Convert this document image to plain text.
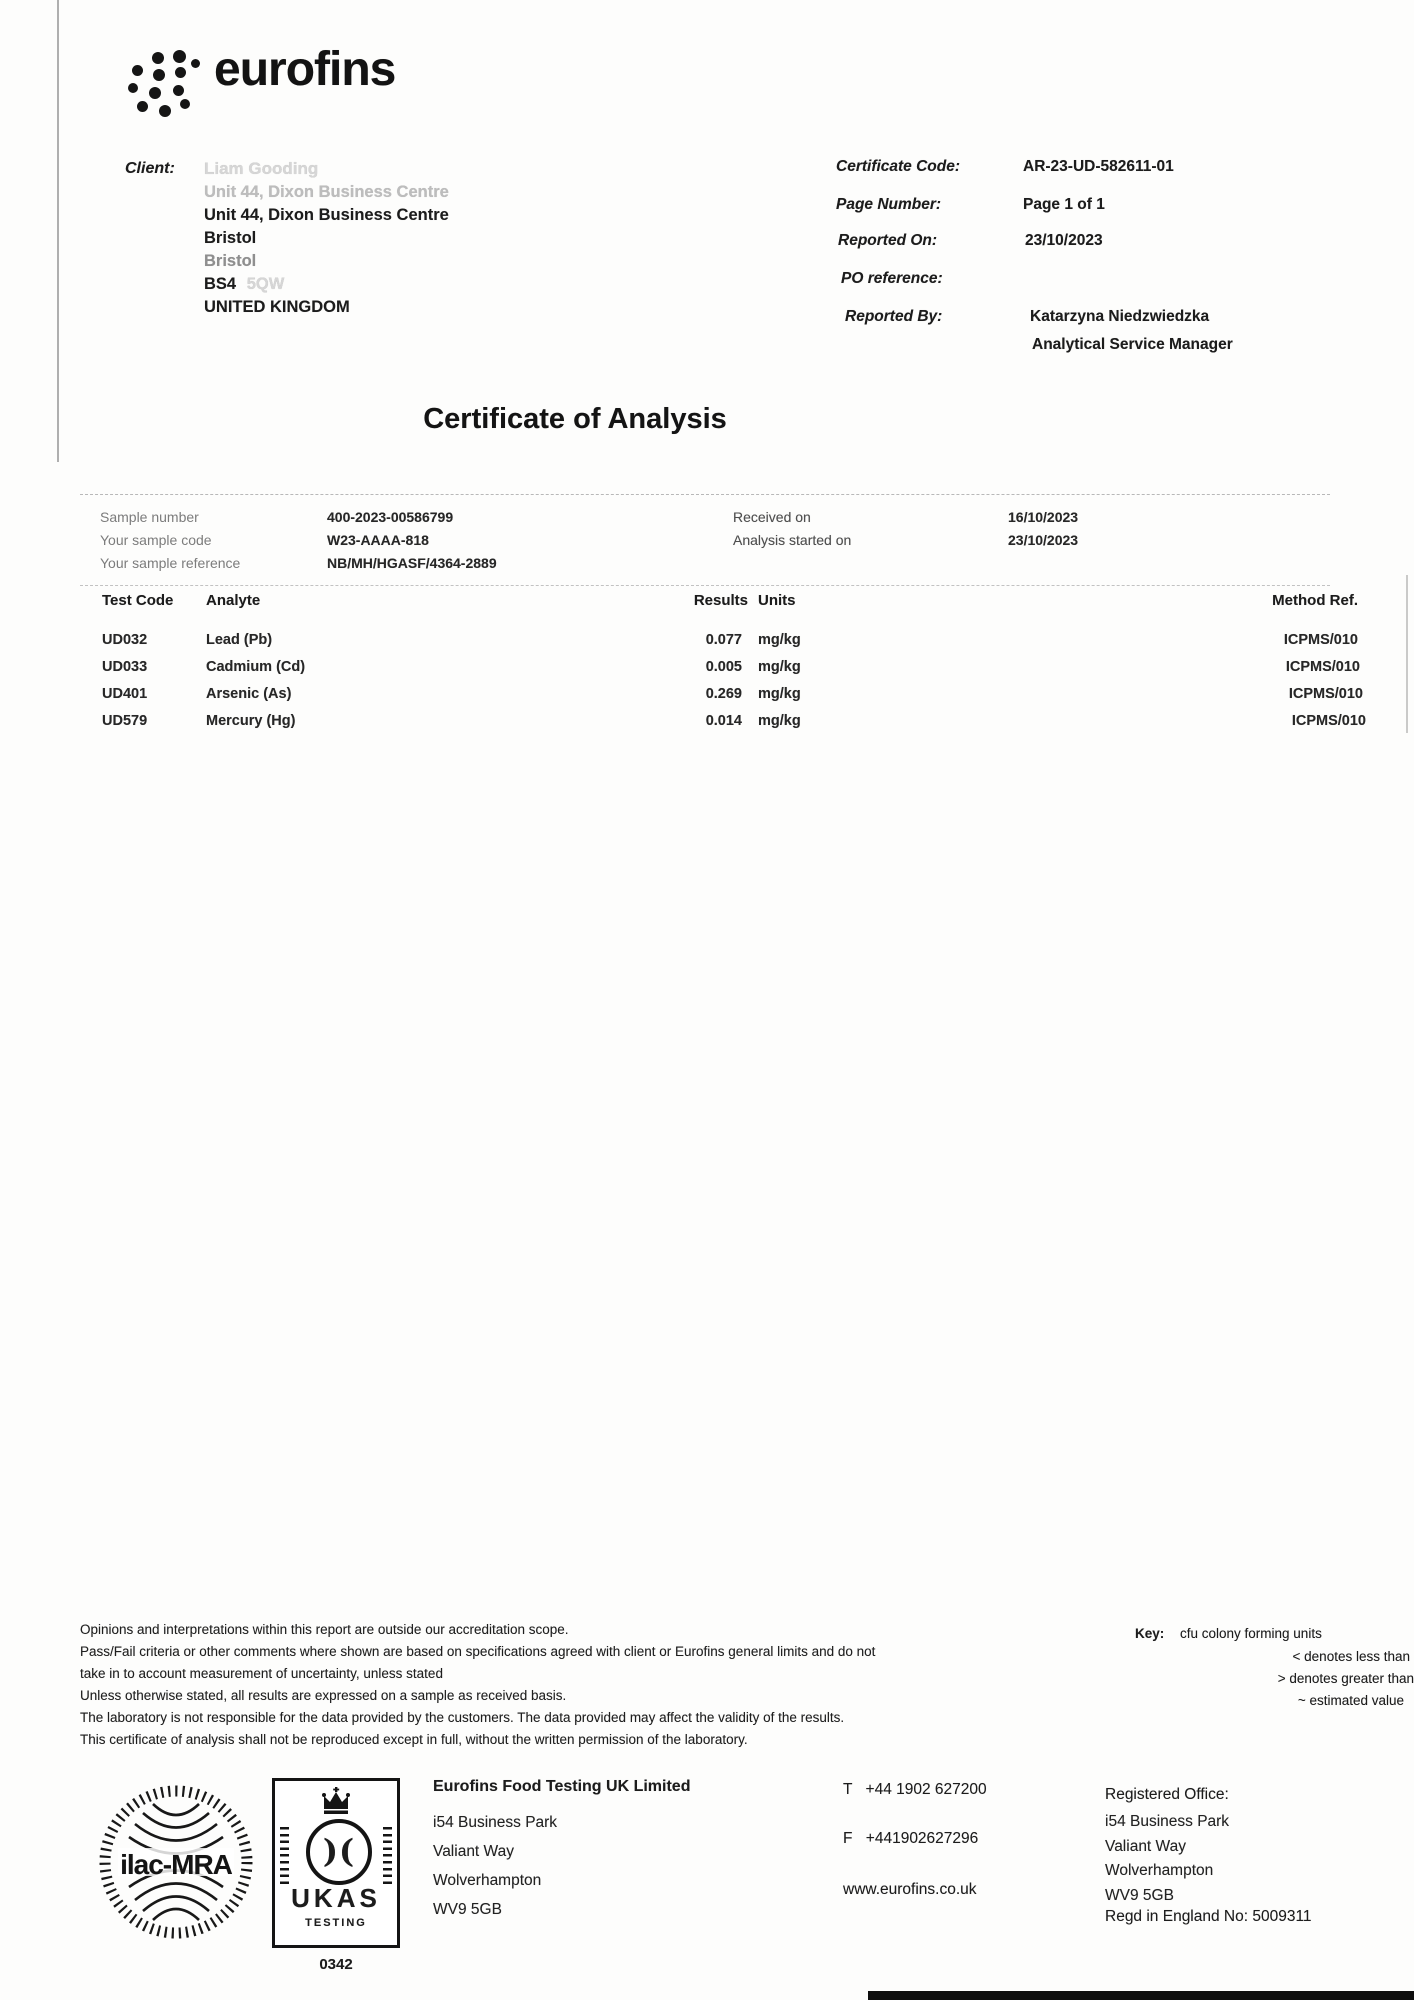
eurofins
Client: Liam Gooding
Unit 44, Dixon Business Centre
Unit 44, Dixon Business Centre
Bristol
Bristol
BS4 5QW
UNITED KINGDOM
Certificate Code:	AR-23-UD-582611-01
Page Number:	Page 1 of 1
Reported On:	23/10/2023
PO reference:
Reported By:	Katarzyna Niedzwiedzka
Analytical Service Manager
Certificate of Analysis
Sample number	400-2023-00586799
Your sample code	W23-AAAA-818
Your sample reference	NB/MH/HGASF/4364-2889
Received on	16/10/2023
Analysis started on	23/10/2023
Test Code Analyte	Results Units	Method Ref.
UD032	Lead (Pb)	0.077 mg/kg	ICPMS/010
UD033	Cadmium (Cd)	0.005 mg/kg	ICPMS/010
UD401	Arsenic (As)	0.269 mg/kg	ICPMS/010
UD579	Mercury (Hg)	0.014 mg/kg	ICPMS/010
Opinions and interpretations within this report are outside our accreditation scope.
Pass/Fail criteria or other comments where shown are based on specifications agreed with client or Eurofins general limits and do not
take in to account measurement of uncertainty, unless stated
Unless otherwise stated, all results are expressed on a sample as received basis.
The laboratory is not responsible for the data provided by the customers. The data provided may affect the validity of the results.
This certificate of analysis shall not be reproduced except in full, without the written permission of the laboratory.
Key: cfu colony forming units
< denotes less than
> denotes greater than
~ estimated value
ilac-MRA	)(
UKAS
TESTING
0342
Eurofins Food Testing UK Limited
i54 Business Park
Valiant Way
Wolverhampton
WV9 5GB
T +44 1902 627200
F +441902627296
www.eurofins.co.uk
Registered Office:
i54 Business Park
Valiant Way
Wolverhampton
WV9 5GB
Regd in England No: 5009311
